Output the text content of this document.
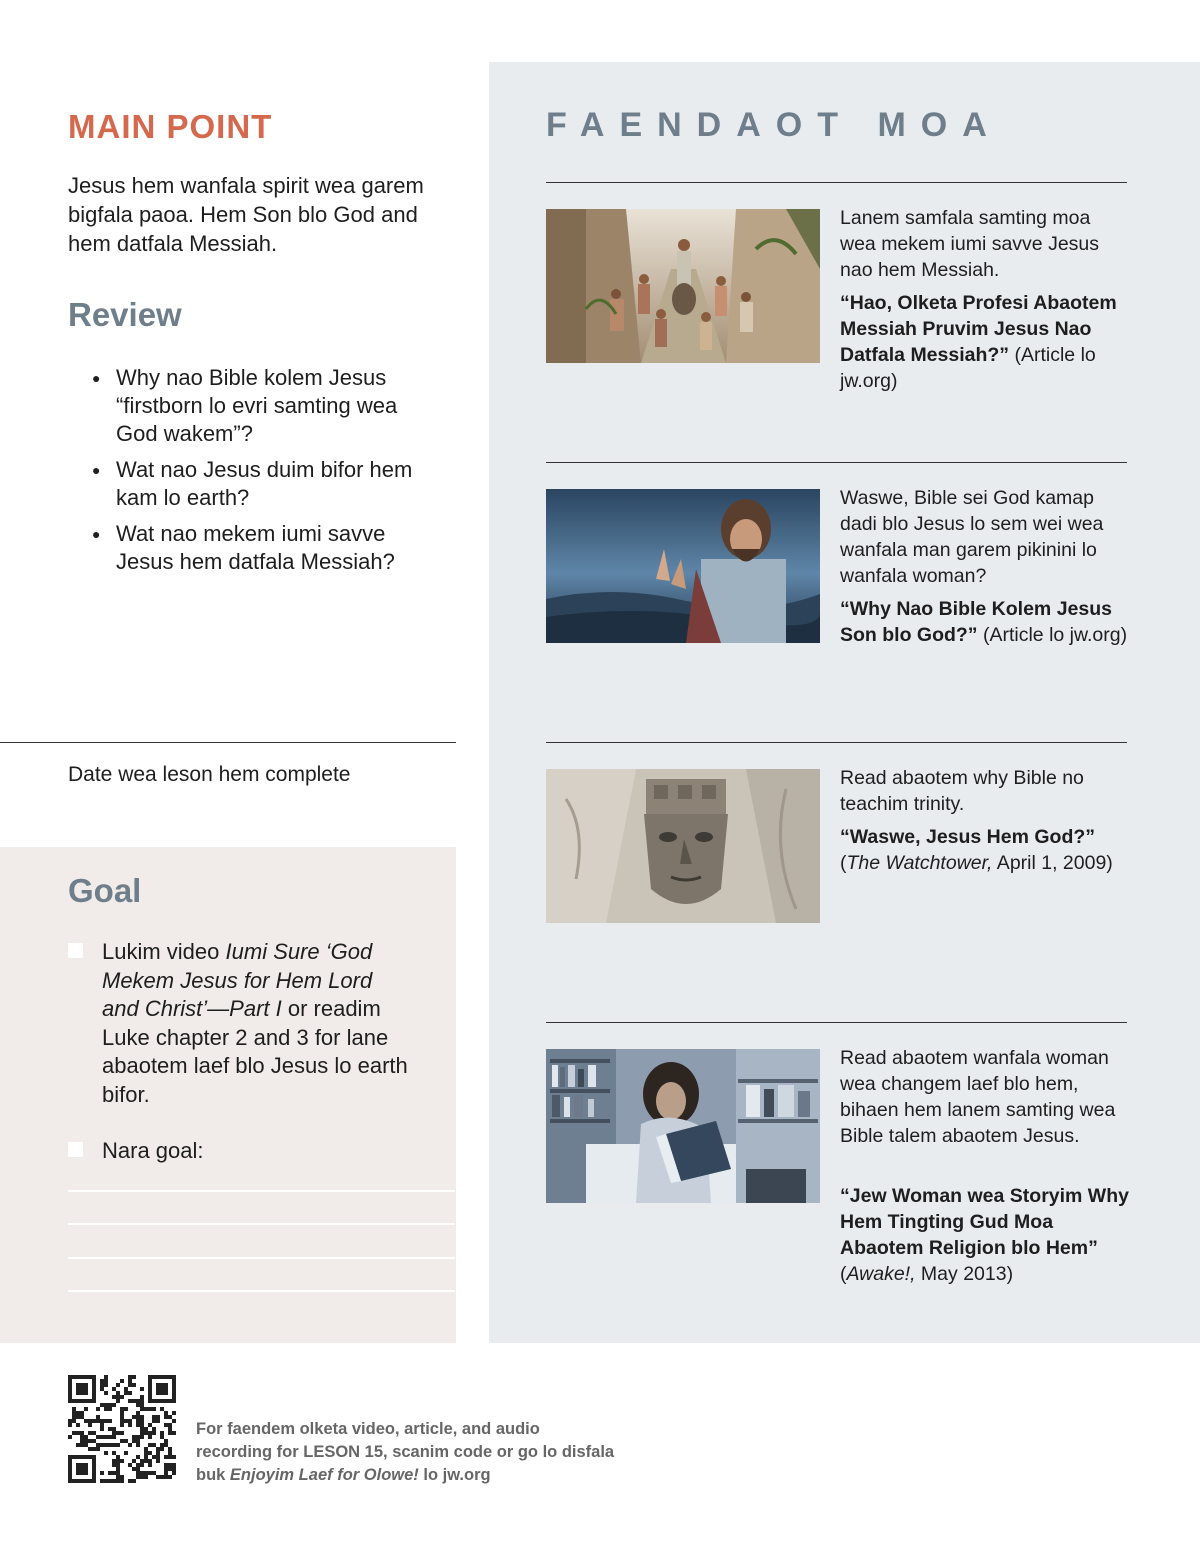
MAIN POINT

Jesus hem wanfala spirit wea garem bigfala paoa. Hem Son blo God and hem datfala Messiah.

Review
● Why nao Bible kolem Jesus “firstborn lo evri samting wea God wakem”?
● Wat nao Jesus duim bifor hem kam lo earth?
● Wat nao mekem iumi savve Jesus hem datfala Messiah?

Date wea leson hem complete

Goal
Lukim video Iumi Sure ‘God Mekem Jesus for Hem Lord and Christ’—Part I or readim Luke chapter 2 and 3 for lane abaotem laef blo Jesus lo earth bifor.
Nara goal:
FAENDAOT MOA

Lanem samfala samting moa wea mekem iumi savve Jesus nao hem Messiah.

“Hao, Olketa Profesi Abaotem Messiah Pruvim Jesus Nao Datfala Messiah?” (Article lo jw.org)

Waswe, Bible sei God kamap dadi blo Jesus lo sem wei wea wanfala man garem pikinini lo wanfala woman?

“Why Nao Bible Kolem Jesus Son blo God?” (Article lo jw.org)

Read abaotem why Bible no teachim trinity.

“Waswe, Jesus Hem God?” (The Watchtower, April 1, 2009)

Read abaotem wanfala woman wea changem laef blo hem, bihaen hem lanem samting wea Bible talem abaotem Jesus.

“Jew Woman wea Storyim Why Hem Tingting Gud Moa Abaotem Religion blo Hem” (Awake!, May 2013)

For faendem olketa video, article, and audio recording for LESON 15, scanim code or go lo disfala buk Enjoyim Laef for Olowe! lo jw.org
